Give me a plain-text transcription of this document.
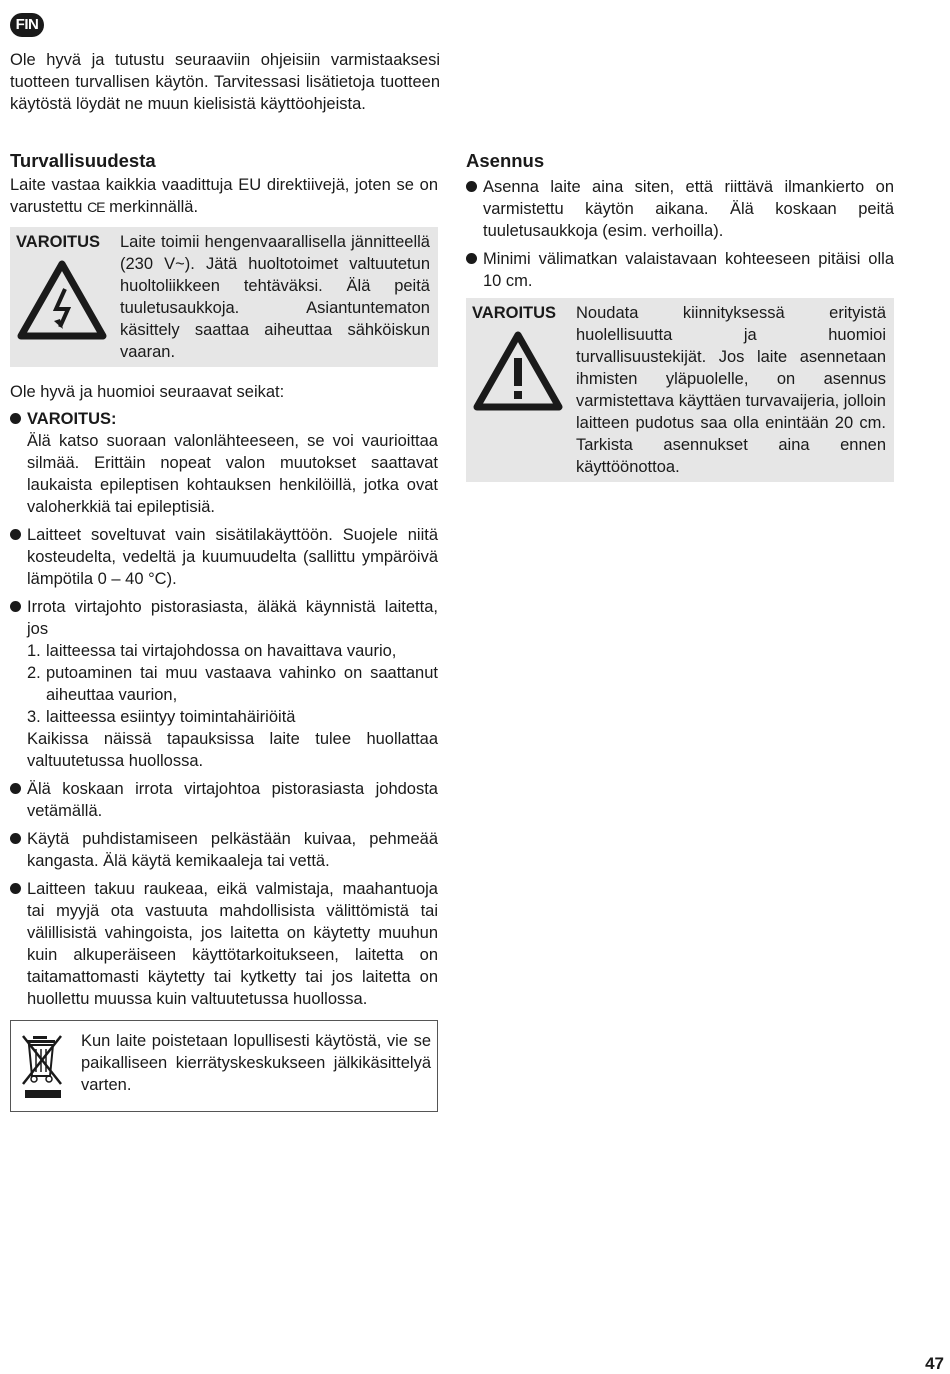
FIN

Ole hyvä ja tutustu seuraaviin ohjeisiin varmistaaksesi tuotteen turvallisen käytön. Tarvitessasi lisätietoja tuotteen käytöstä löydät ne muun kielisistä käyttöohjeista.

Turvallisuudesta

Laite vastaa kaikkia vaadittuja EU direktiivejä, joten se on varustettu CE merkinnällä.

VAROITUS	Laite toimii hengenvaarallisella jännitteellä (230 V~). Jätä huoltotoimet valtuutetun huoltoliikkeen tehtäväksi. Älä peitä tuuletusaukkoja. Asiantuntematon käsittely saattaa aiheuttaa sähköiskun vaaran.

Ole hyvä ja huomioi seuraavat seikat:

VAROITUS:
Älä katso suoraan valonlähteeseen, se voi vaurioittaa silmää. Erittäin nopeat valon muutokset saattavat laukaista epileptisen kohtauksen henkilöillä, jotka ovat valoherkkiä tai epileptisiä.
Laitteet soveltuvat vain sisätilakäyttöön. Suojele niitä kosteudelta, vedeltä ja kuumuudelta (sallittu ympäröivä lämpötila 0 – 40 °C).
Irrota virtajohto pistorasiasta, äläkä käynnistä laitetta, jos
1. laitteessa tai virtajohdossa on havaittava vaurio,
2. putoaminen tai muu vastaava vahinko on saattanut aiheuttaa vaurion,
3. laitteessa esiintyy toimintahäiriöitä
Kaikissa näissä tapauksissa laite tulee huollattaa valtuutetussa huollossa.
Älä koskaan irrota virtajohtoa pistorasiasta johdosta vetämällä.
Käytä puhdistamiseen pelkästään kuivaa, pehmeää kangasta. Älä käytä kemikaaleja tai vettä.
Laitteen takuu raukeaa, eikä valmistaja, maahantuoja tai myyjä ota vastuuta mahdollisista välittömistä tai välillisistä vahingoista, jos laitetta on käytetty muuhun kuin alkuperäiseen käyttötarkoitukseen, laitetta on taitamattomasti käytetty tai kytketty tai jos laitetta on huollettu muussa kuin valtuutetussa huollossa.

Kun laite poistetaan lopullisesti käytöstä, vie se paikalliseen kierrätyskeskukseen jälkikäsittelyä varten.

Asennus
Asenna laite aina siten, että riittävä ilmankierto on varmistettu käytön aikana. Älä koskaan peitä tuuletusaukkoja (esim. verhoilla).
Minimi välimatkan valaistavaan kohteeseen pitäisi olla 10 cm.
VAROITUS	Noudata kiinnityksessä erityistä huolellisuutta ja huomioi turvallisuustekijät. Jos laite asennetaan ihmisten yläpuolelle, on asennus varmistettava käyttäen turvavaijeria, jolloin laitteen pudotus saa olla enintään 20 cm. Tarkista asennukset aina ennen käyttöönottoa.

47
